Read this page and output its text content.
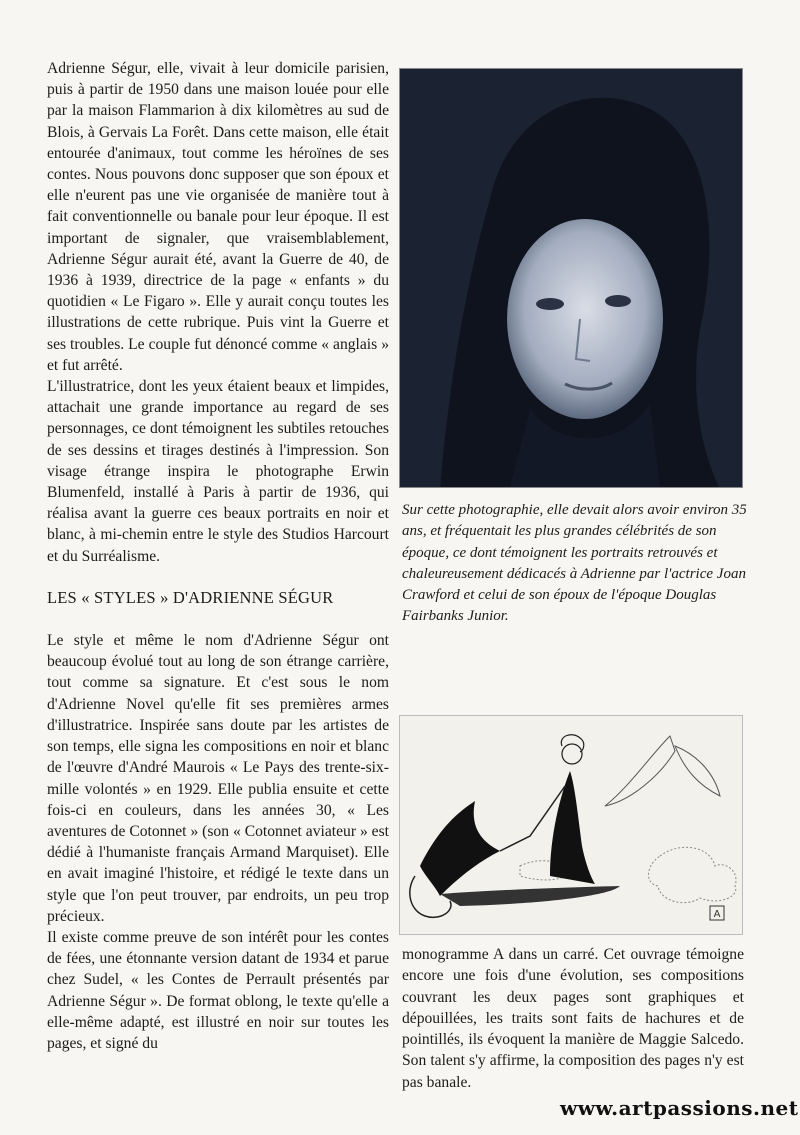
Adrienne Ségur, elle, vivait à leur domicile parisien, puis à partir de 1950 dans une maison louée pour elle par la maison Flammarion à dix kilomètres au sud de Blois, à Gervais La Forêt. Dans cette maison, elle était entourée d'animaux, tout comme les héroïnes de ses contes. Nous pouvons donc supposer que son époux et elle n'eurent pas une vie organisée de manière tout à fait conventionnelle ou banale pour leur époque. Il est important de signaler, que vraisemblablement, Adrienne Ségur aurait été, avant la Guerre de 40, de 1936 à 1939, directrice de la page « enfants » du quotidien « Le Figaro ». Elle y aurait conçu toutes les illustrations de cette rubrique. Puis vint la Guerre et ses troubles. Le couple fut dénoncé comme « anglais » et fut arrêté.

L'illustratrice, dont les yeux étaient beaux et limpides, attachait une grande importance au regard de ses personnages, ce dont témoignent les subtiles retouches de ses dessins et tirages destinés à l'impression. Son visage étrange inspira le photographe Erwin Blumenfeld, installé à Paris à partir de 1936, qui réalisa avant la guerre ces beaux portraits en noir et blanc, à mi-chemin entre le style des Studios Harcourt et du Surréalisme.

LES « STYLES » D'ADRIENNE SÉGUR

Le style et même le nom d'Adrienne Ségur ont beaucoup évolué tout au long de son étrange carrière, tout comme sa signature. Et c'est sous le nom d'Adrienne Novel qu'elle fit ses premières armes d'illustratrice. Inspirée sans doute par les artistes de son temps, elle signa les compositions en noir et blanc de l'œuvre d'André Maurois « Le Pays des trente-six-mille volontés » en 1929. Elle publia ensuite et cette fois-ci en couleurs, dans les années 30, « Les aventures de Cotonnet » (son « Cotonnet aviateur » est dédié à l'humaniste français Armand Marquiset). Elle en avait imaginé l'histoire, et rédigé le texte dans un style que l'on peut trouver, par endroits, un peu trop précieux.

Il existe comme preuve de son intérêt pour les contes de fées, une étonnante version datant de 1934 et parue chez Sudel, « les Contes de Perrault présentés par Adrienne Ségur ». De format oblong, le texte qu'elle a elle-même adapté, est illustré en noir sur toutes les pages, et signé du

Sur cette photographie, elle devait alors avoir environ 35 ans, et fréquentait les plus grandes célébrités de son époque, ce dont témoignent les portraits retrouvés et chaleureusement dédicacés à Adrienne par l'actrice Joan Crawford et celui de son époux de l'époque Douglas Fairbanks Junior.

A

monogramme A dans un carré. Cet ouvrage témoigne encore une fois d'une évolution, ses compositions couvrant les deux pages sont graphiques et dépouillées, les traits sont faits de hachures et de pointillés, ils évoquent la manière de Maggie Salcedo. Son talent s'y affirme, la composition des pages n'y est pas banale.

www.artpassions.net
